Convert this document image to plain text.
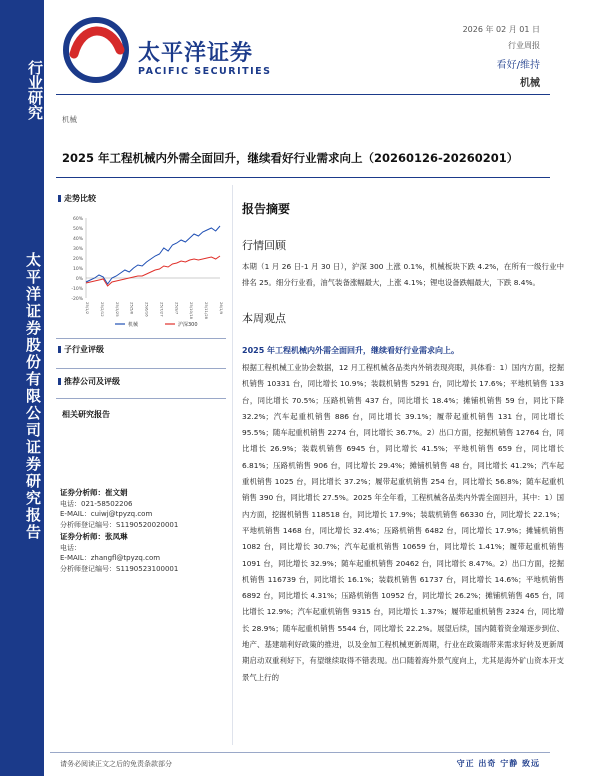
行业研究
太平洋证券股份有限公司证券研究报告
太平洋证券
PACIFIC SECURITIES
2026 年 02 月 01 日
行业周报
看好/维持
机械
机械
2025 年工程机械内外需全面回升，继续看好行业需求向上（20260126-20260201）
走势比较
60%
50%
40%
30%
20%
10%
0%
-10%
-20%
25/1/2	25/2/12	25/3/25	25/5/6	25/6/16	25/7/27	25/9/7	25/10/18	25/11/28	26/1/9
机械	沪深300
子行业评级
推荐公司及评级
相关研究报告
证券分析师：崔文娟
电话：021-58502206
E-MAIL：cuiwj@tpyzq.com
分析师登记编号：S1190520020001
证券分析师：张凤琳
电话：
E-MAIL：zhangfl@tpyzq.com
分析师登记编号：S1190523100001
报告摘要
行情回顾

本期（1 月 26 日-1 月 30 日），沪深 300 上涨 0.1%，机械板块下跌 4.2%，在所有一级行业中排名 25。细分行业看，油气装备涨幅最大，上涨 4.1%；锂电设备跌幅最大，下跌 8.4%。

本周观点
2025 年工程机械内外需全面回升，继续看好行业需求向上。

根据工程机械工业协会数据，12 月工程机械各品类内外销表现亮眼，具体看：1）国内方面，挖掘机销售 10331 台，同比增长 10.9%；装载机销售 5291 台，同比增长 17.6%；平地机销售 133 台，同比增长 70.5%；压路机销售 437 台，同比增长 18.4%；摊铺机销售 59 台，同比下降 32.2%；汽车起重机销售 886 台，同比增长 39.1%；履带起重机销售 131 台，同比增长 95.5%；随车起重机销售 2274 台，同比增长 36.7%。2）出口方面，挖掘机销售 12764 台，同比增长 26.9%；装载机销售 6945 台，同比增长 41.5%；平地机销售 659 台，同比增长 6.81%；压路机销售 906 台，同比增长 29.4%；摊铺机销售 48 台，同比增长 41.2%；汽车起重机销售 1025 台，同比增长 37.2%；履带起重机销售 254 台，同比增长 56.8%；随车起重机销售 390 台，同比增长 27.5%。2025 年全年看，工程机械各品类内外需全面回升，其中：1）国内方面，挖掘机销售 118518 台，同比增长 17.9%；装载机销售 66330 台，同比增长 22.1%；平地机销售 1468 台，同比增长 32.4%；压路机销售 6482 台，同比增长 17.9%；摊铺机销售 1082 台，同比增长 30.7%；汽车起重机销售 10659 台，同比增长 1.41%；履带起重机销售 1091 台，同比增长 32.9%；随车起重机销售 20462 台，同比增长 8.47%。2）出口方面，挖掘机销售 116739 台，同比增长 16.1%；装载机销售 61737 台，同比增长 14.6%；平地机销售 6892 台，同比增长 4.31%；压路机销售 10952 台，同比增长 26.2%；摊铺机销售 465 台，同比增长 12.9%；汽车起重机销售 9315 台，同比增长 1.37%；履带起重机销售 2324 台，同比增长 28.9%；随车起重机销售 5544 台，同比增长 22.2%。展望后续，国内随着资金端逐步到位、地产、基建端利好政策的推进，以及金加工程机械更新周期，行业在政策端带来需求好转及更新周期启动双重利好下，有望继续取得不错表现。出口随着海外景气度向上，尤其是海外矿山资本开支景气上行的

请务必阅读正文之后的免责条款部分	守正 出奇 宁静 致远
